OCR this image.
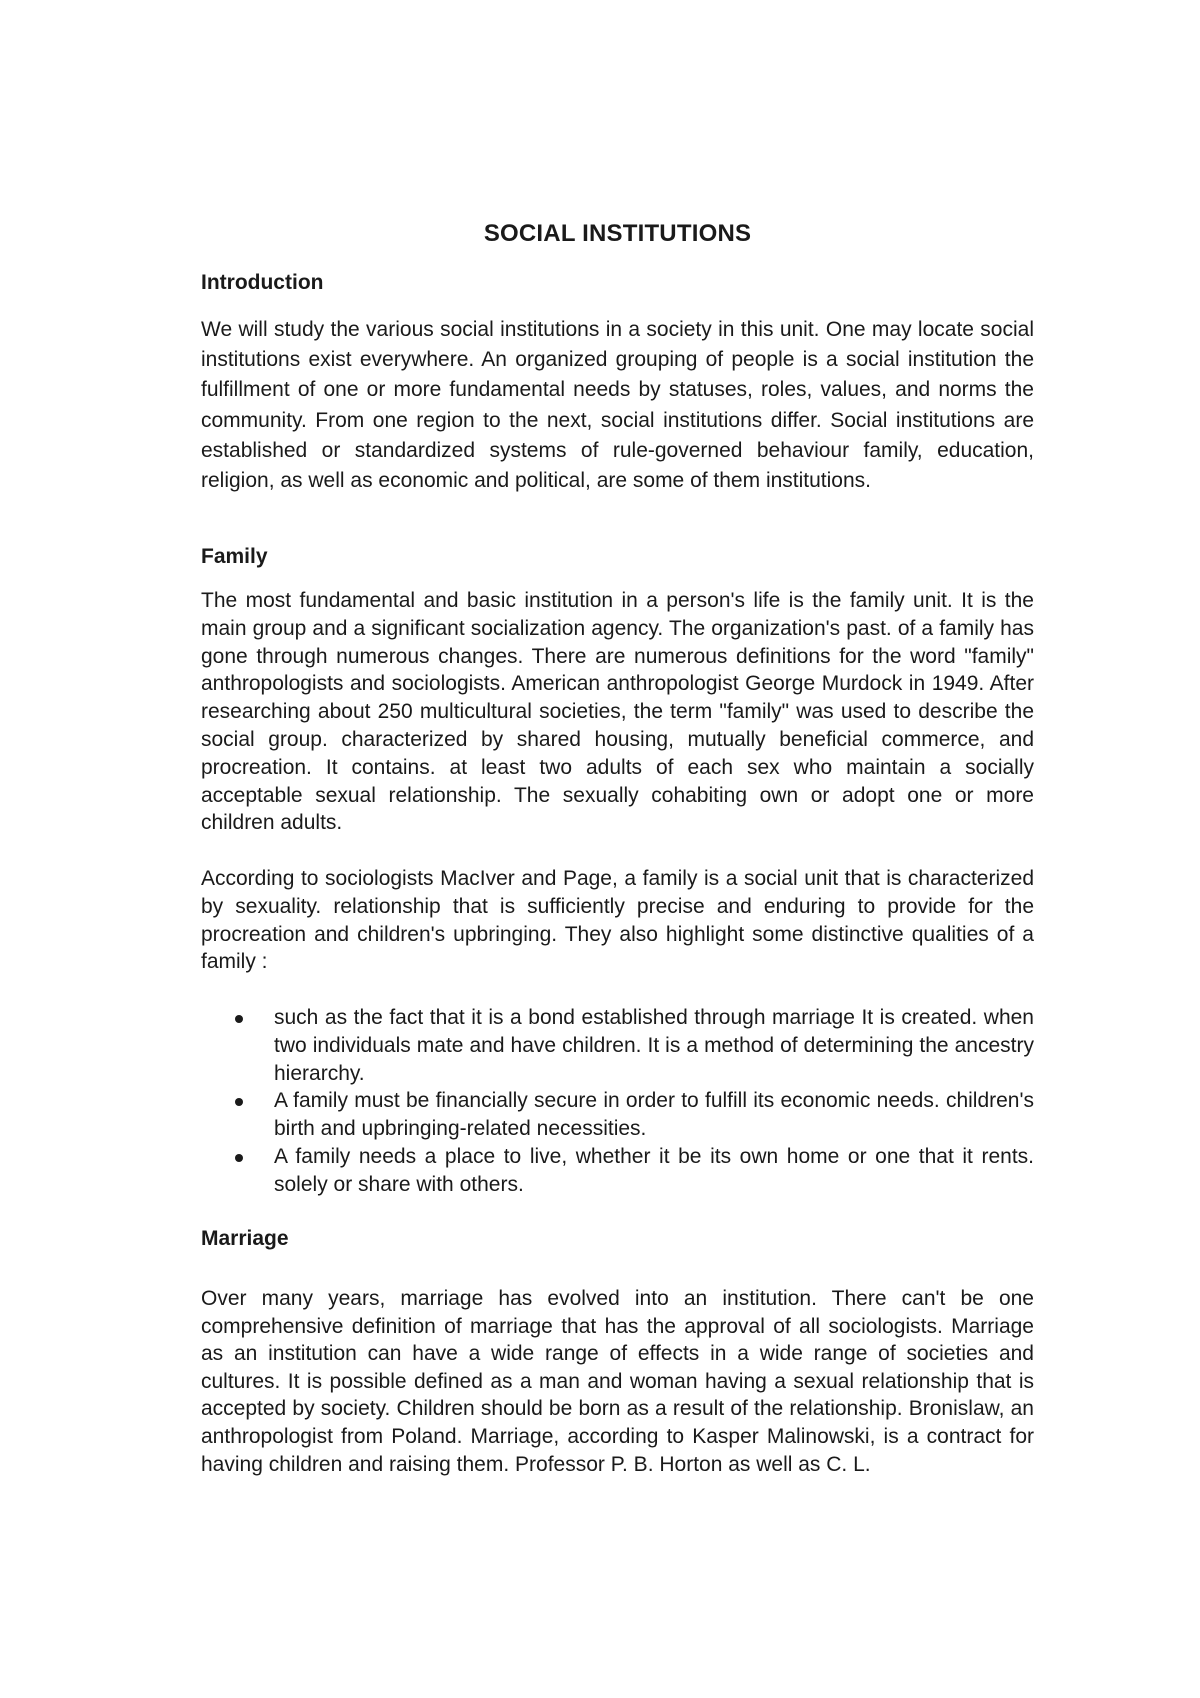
SOCIAL INSTITUTIONS
Introduction

We will study the various social institutions in a society in this unit. One may locate social institutions exist everywhere. An organized grouping of people is a social institution the fulfillment of one or more fundamental needs by statuses, roles, values, and norms the community. From one region to the next, social institutions differ. Social institutions are established or standardized systems of rule-governed behaviour family, education, religion, as well as economic and political, are some of them institutions.

Family

The most fundamental and basic institution in a person's life is the family unit. It is the main group and a significant socialization agency. The organization's past. of a family has gone through numerous changes. There are numerous definitions for the word "family" anthropologists and sociologists. American anthropologist George Murdock in 1949. After researching about 250 multicultural societies, the term "family" was used to describe the social group. characterized by shared housing, mutually beneficial commerce, and procreation. It contains. at least two adults of each sex who maintain a socially acceptable sexual relationship. The sexually cohabiting own or adopt one or more children adults.

According to sociologists MacIver and Page, a family is a social unit that is characterized by sexuality. relationship that is sufficiently precise and enduring to provide for the procreation and children's upbringing. They also highlight some distinctive qualities of a family :

such as the fact that it is a bond established through marriage It is created. when two individuals mate and have children. It is a method of determining the ancestry hierarchy.
A family must be financially secure in order to fulfill its economic needs. children's birth and upbringing-related necessities.
A family needs a place to live, whether it be its own home or one that it rents. solely or share with others.
Marriage

Over many years, marriage has evolved into an institution. There can't be one comprehensive definition of marriage that has the approval of all sociologists. Marriage as an institution can have a wide range of effects in a wide range of societies and cultures. It is possible defined as a man and woman having a sexual relationship that is accepted by society. Children should be born as a result of the relationship. Bronislaw, an anthropologist from Poland. Marriage, according to Kasper Malinowski, is a contract for having children and raising them. Professor P. B. Horton as well as C. L.
